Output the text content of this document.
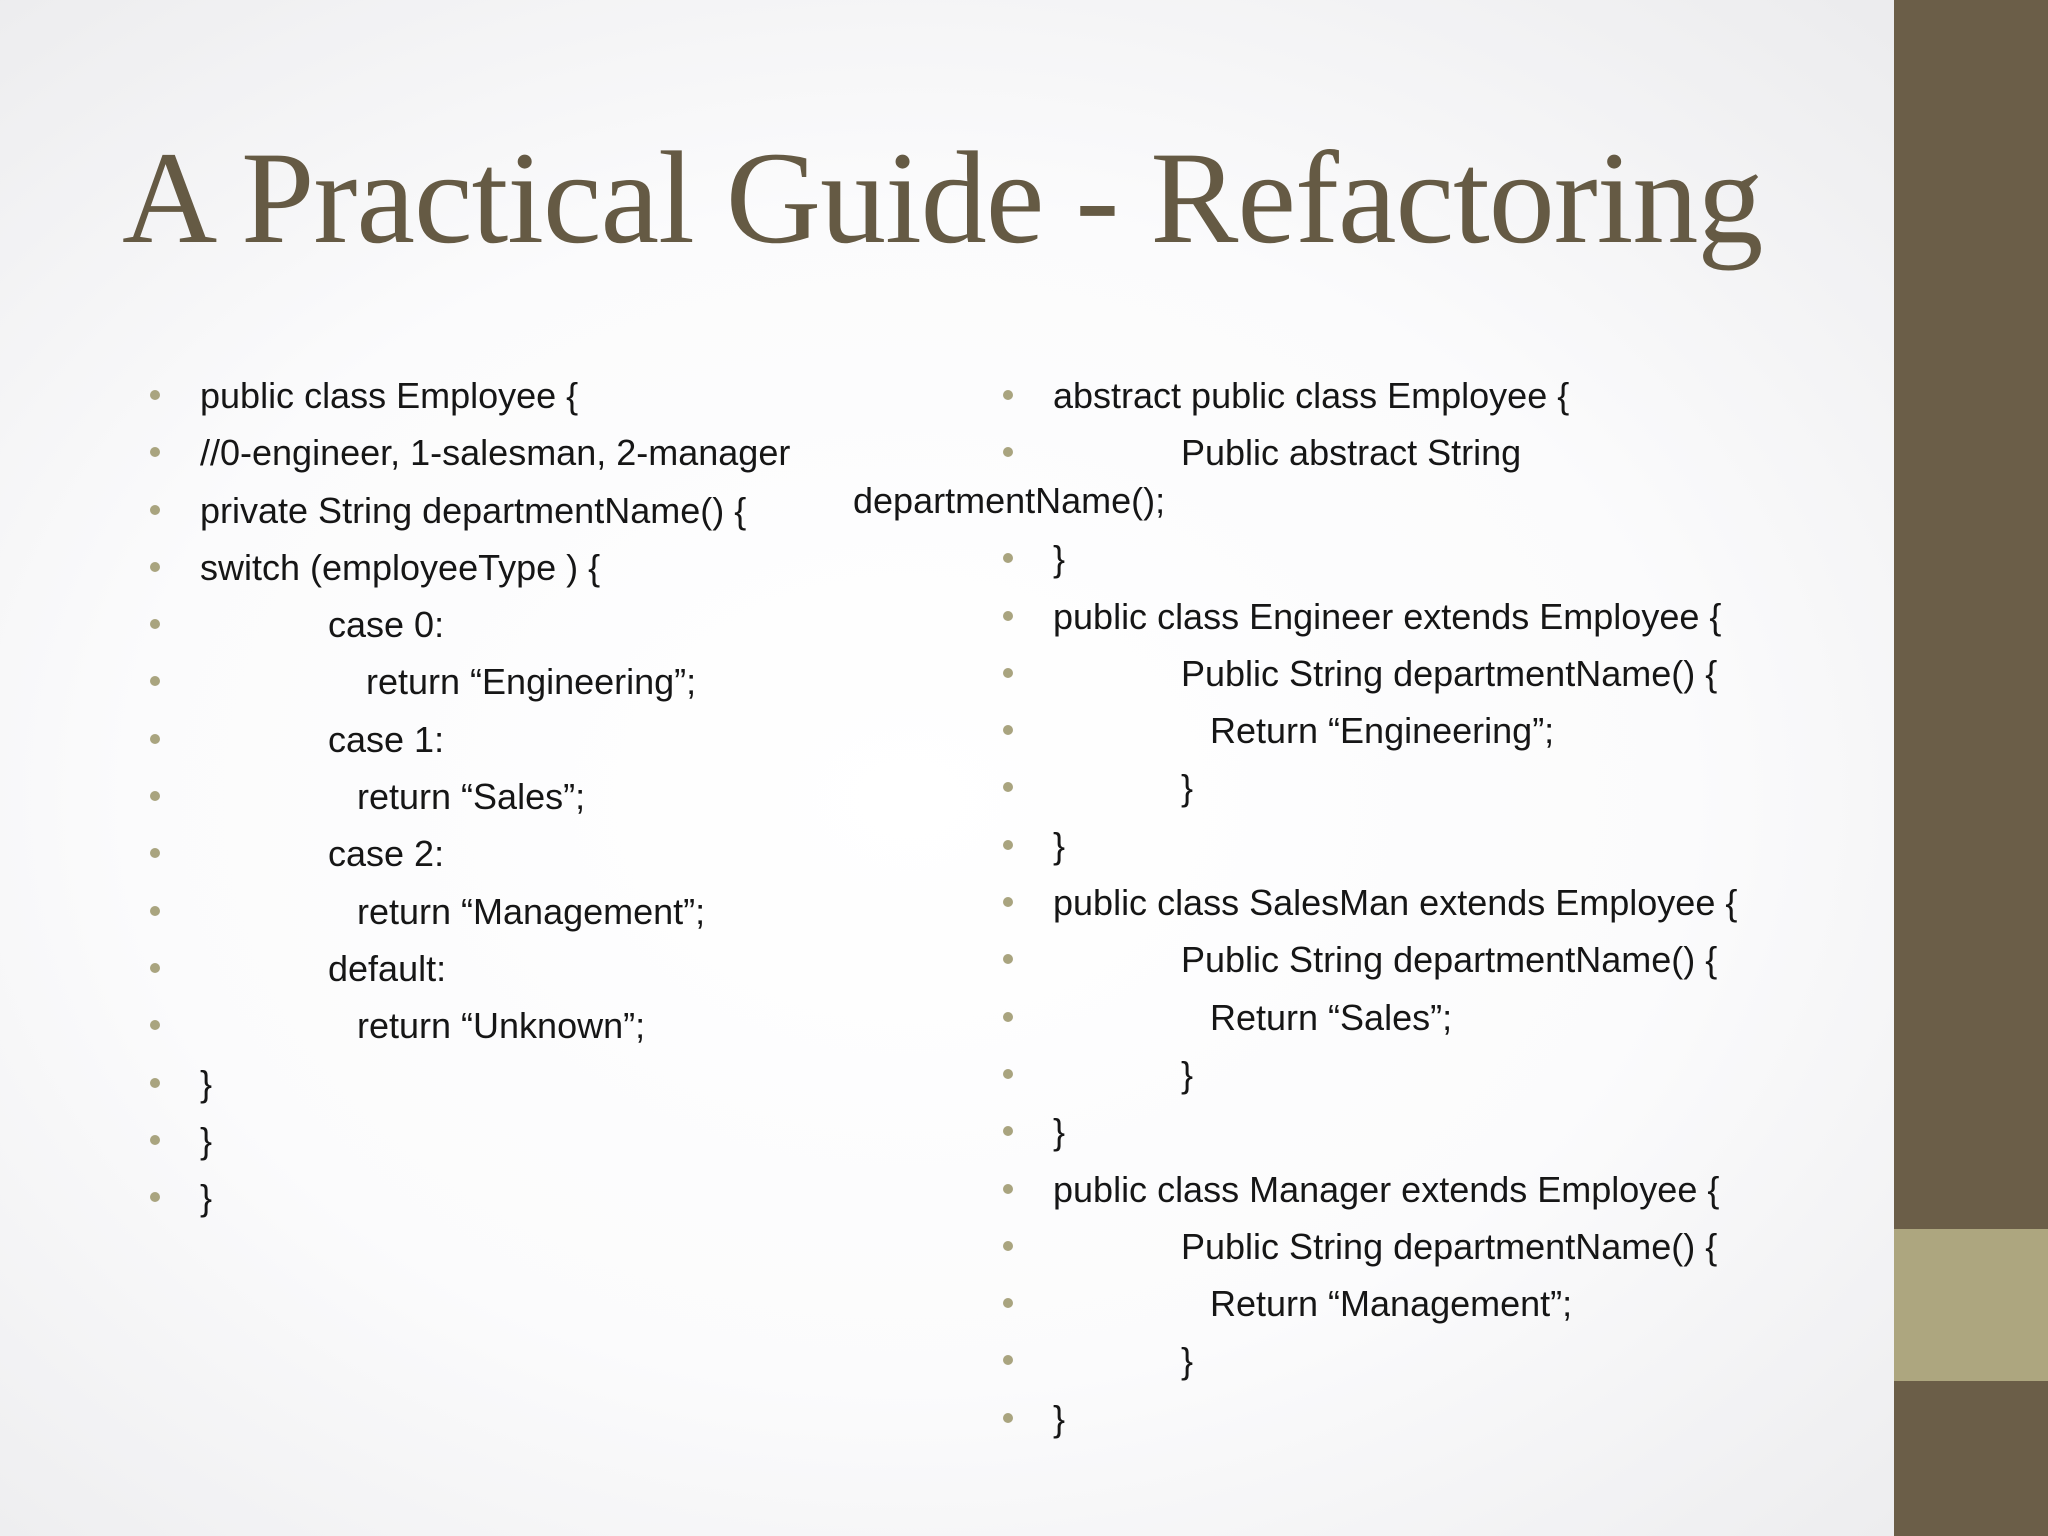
A Practical Guide - Refactoring
public class Employee {
//0-engineer, 1-salesman, 2-manager
private String departmentName() {
switch (employeeType ) {
case 0:
return “Engineering”;
case 1:
return “Sales”;
case 2:
return “Management”;
default:
return “Unknown”;
}
}
}
abstract public class Employee {
Public abstract String
departmentName();
}
public class Engineer extends Employee {
Public String departmentName() {
Return “Engineering”;
}
}
public class SalesMan extends Employee {
Public String departmentName() {
Return “Sales”;
}
}
public class Manager extends Employee {
Public String departmentName() {
Return “Management”;
}
}
